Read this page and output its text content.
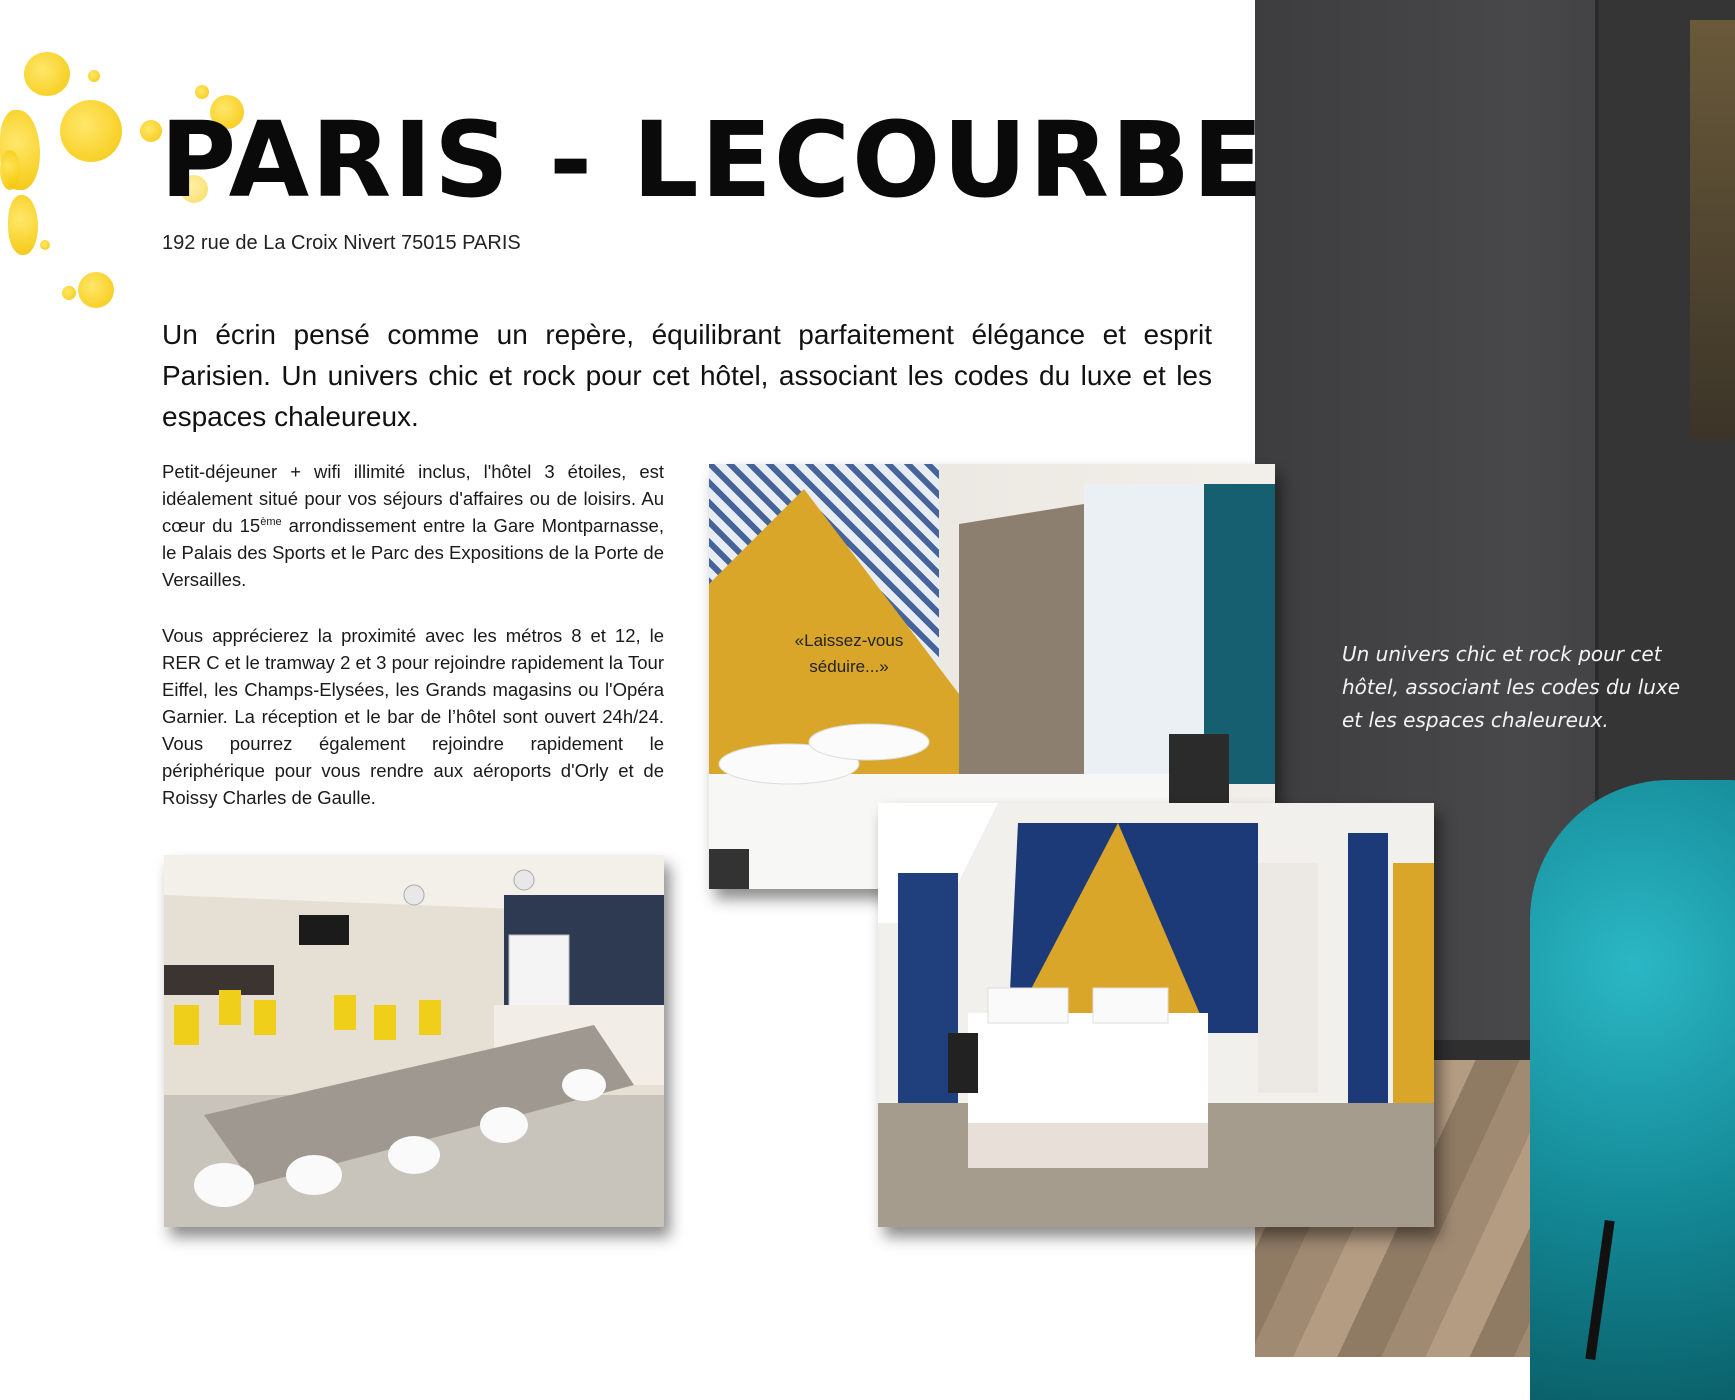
PARIS - LECOURBE
192 rue de La Croix Nivert 75015 PARIS

Un écrin pensé comme un repère, équilibrant parfaitement élégance et esprit Parisien. Un univers chic et rock pour cet hôtel, associant les codes du luxe et les espaces chaleureux.

Petit-déjeuner + wifi illimité inclus, l'hôtel 3 étoiles, est idéalement situé pour vos séjours d'affaires ou de loisirs. Au cœur du 15ème arrondissement entre la Gare Montparnasse, le Palais des Sports et le Parc des Expositions de la Porte de Versailles.

Vous apprécierez la proximité avec les métros 8 et 12, le RER C et le tramway 2 et 3 pour rejoindre rapidement la Tour Eiffel, les Champs-Elysées, les Grands magasins ou l'Opéra Garnier. La réception et le bar de l’hôtel sont ouvert 24h/24. Vous pourrez également rejoindre rapidement le périphérique pour vous rendre aux aéroports d'Orly et de Roissy Charles de Gaulle.

Un univers chic et rock pour cet hôtel, associant les codes du luxe et les espaces chaleureux.

«Laissez-vous séduire...»
